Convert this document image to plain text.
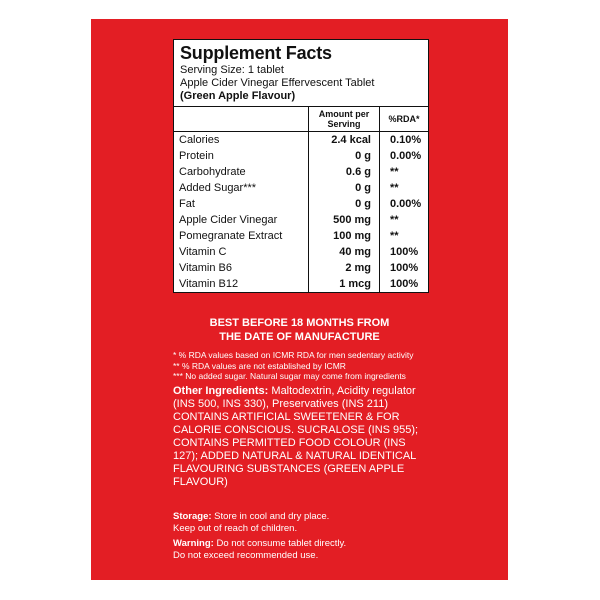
Supplement Facts
Serving Size: 1 tablet
Apple Cider Vinegar Effervescent Tablet
(Green Apple Flavour)
	Amount per Serving	%RDA*
Calories	2.4 kcal	0.10%
Protein	0 g	0.00%
Carbohydrate	0.6 g	**
Added Sugar***	0 g	**
Fat	0 g	0.00%
Apple Cider Vinegar	500 mg	**
Pomegranate Extract	100 mg	**
Vitamin C	40 mg	100%
Vitamin B6	2 mg	100%
Vitamin B12	1 mcg	100%
BEST BEFORE 18 MONTHS FROM
THE DATE OF MANUFACTURE
* % RDA values based on ICMR RDA for men sedentary activity
** % RDA values are not established by ICMR
*** No added sugar. Natural sugar may come from ingredients
Other Ingredients: Maltodextrin, Acidity regulator (INS 500, INS 330), Preservatives (INS 211)
CONTAINS ARTIFICIAL SWEETENER & FOR CALORIE CONSCIOUS. SUCRALOSE (INS 955); CONTAINS PERMITTED FOOD COLOUR (INS 127); ADDED NATURAL & NATURAL IDENTICAL FLAVOURING SUBSTANCES (GREEN APPLE FLAVOUR)
Storage: Store in cool and dry place.
Keep out of reach of children.
Warning: Do not consume tablet directly.
Do not exceed recommended use.
